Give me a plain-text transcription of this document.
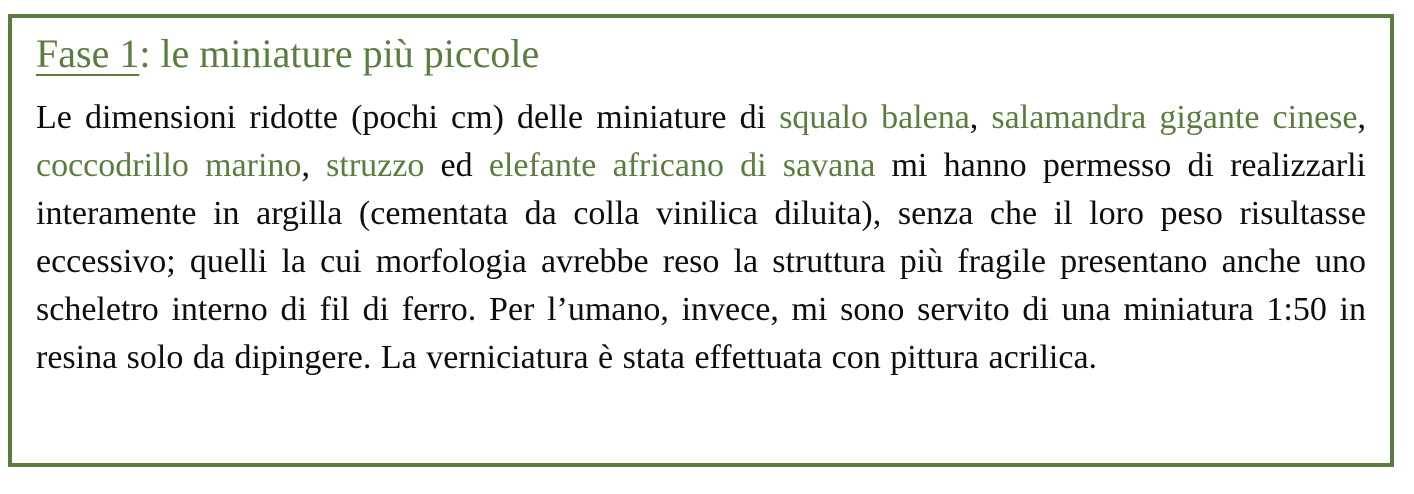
Fase 1: le miniature più piccole

Le dimensioni ridotte (pochi cm) delle miniature di squalo balena, salamandra gigante cinese, coccodrillo marino, struzzo ed elefante africano di savana mi hanno permesso di realizzarli interamente in argilla (cementata da colla vinilica diluita), senza che il loro peso risultasse eccessivo; quelli la cui morfologia avrebbe reso la struttura più fragile presentano anche uno scheletro interno di fil di ferro. Per l’umano, invece, mi sono servito di una miniatura 1:50 in resina solo da dipingere. La verniciatura è stata effettuata con pittura acrilica.
